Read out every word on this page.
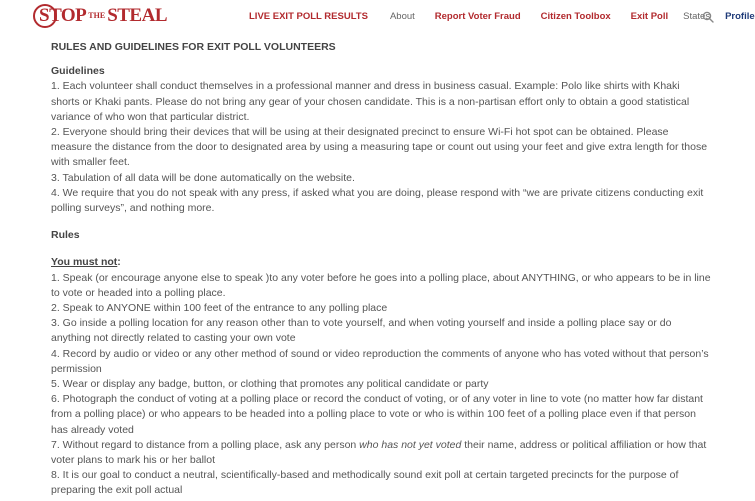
STOP THE STEAL	LIVE EXIT POLL RESULTS About Report Voter Fraud Citizen Toolbox Exit Poll States Profile
RULES AND GUIDELINES FOR EXIT POLL VOLUNTEERS
Guidelines
1. Each volunteer shall conduct themselves in a professional manner and dress in business casual. Example: Polo like shirts with Khaki shorts or Khaki pants. Please do not bring any gear of your chosen candidate. This is a non-partisan effort only to obtain a good statistical variance of who won that particular district.
2. Everyone should bring their devices that will be using at their designated precinct to ensure Wi-Fi hot spot can be obtained. Please measure the distance from the door to designated area by using a measuring tape or count out using your feet and give extra length for those with smaller feet.
3. Tabulation of all data will be done automatically on the website.
4. We require that you do not speak with any press, if asked what you are doing, please respond with “we are private citizens conducting exit polling surveys”, and nothing more.
Rules
You must not:
1. Speak (or encourage anyone else to speak )to any voter before he goes into a polling place, about ANYTHING, or who appears to be in line to vote or headed into a polling place.
2. Speak to ANYONE within 100 feet of the entrance to any polling place
3. Go inside a polling location for any reason other than to vote yourself, and when voting yourself and inside a polling place say or do anything not directly related to casting your own vote
4. Record by audio or video or any other method of sound or video reproduction the comments of anyone who has voted without that person’s permission
5. Wear or display any badge, button, or clothing that promotes any political candidate or party
6. Photograph the conduct of voting at a polling place or record the conduct of voting, or of any voter in line to vote (no matter how far distant from a polling place) or who appears to be headed into a polling place to vote or who is within 100 feet of a polling place even if that person has already voted
7. Without regard to distance from a polling place, ask any person who has not yet voted their name, address or political affiliation or how that voter plans to mark his or her ballot
8. It is our goal to conduct a neutral, scientifically-based and methodically sound exit poll at certain targeted precincts for the purpose of preparing the exit poll actual
